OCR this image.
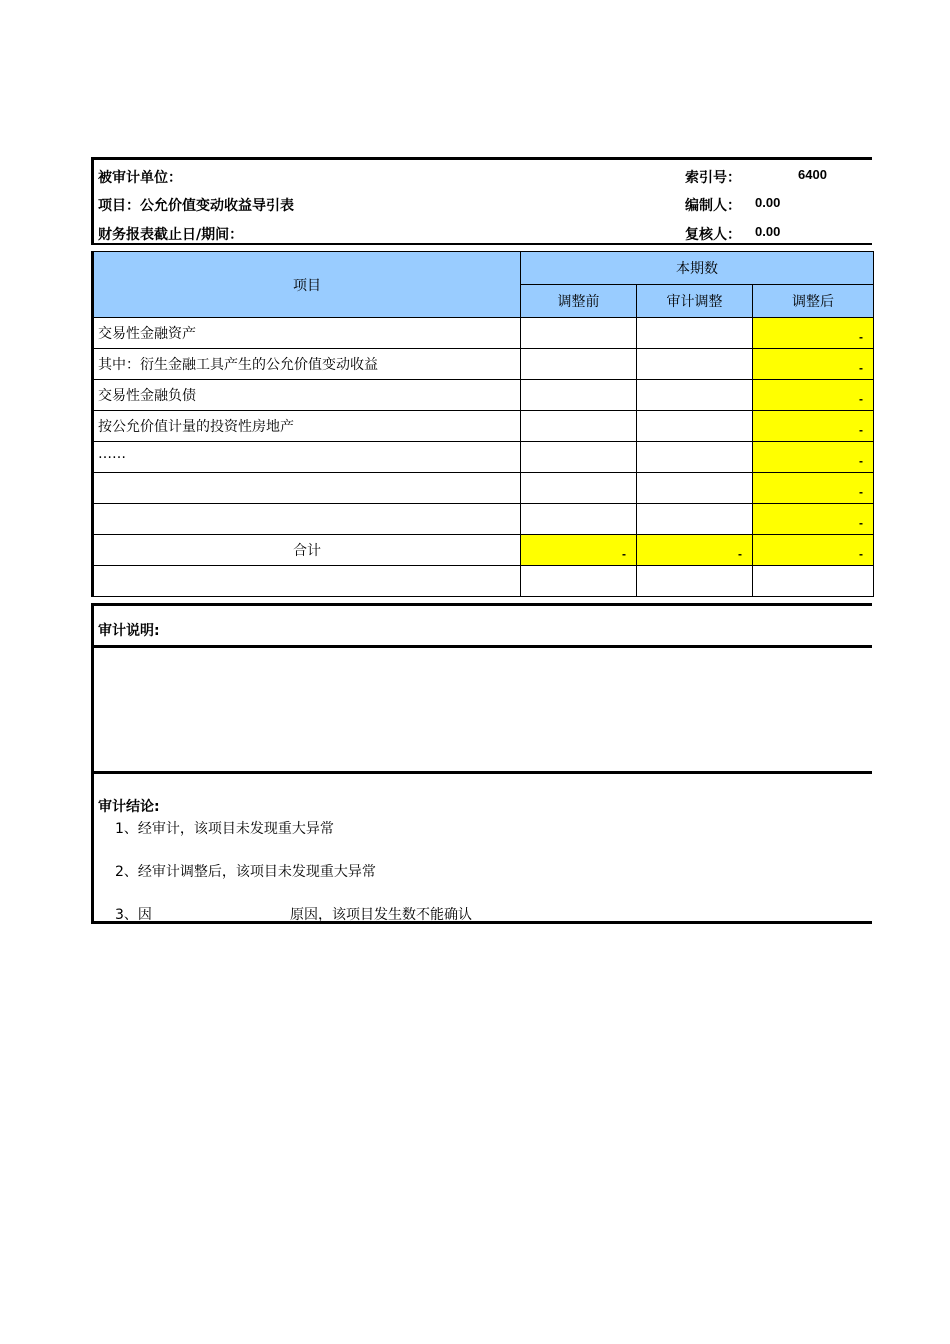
被审计单位：
项目：公允价值变动收益导引表
财务报表截止日/期间：
索引号：	6400
编制人： 0.00
复核人： 0.00
项目	本期数		
	调整前	审计调整	调整后
交易性金融资产			-
其中：衍生金融工具产生的公允价值变动收益			-
交易性金融负债			-
按公允价值计量的投资性房地产			-
……			-
			-
			-
合计	-	-	-

审计说明:
审计结论:
1、经审计，该项目未发现重大异常
2、经审计调整后，该项目未发现重大异常
3、因	原因，该项目发生数不能确认
